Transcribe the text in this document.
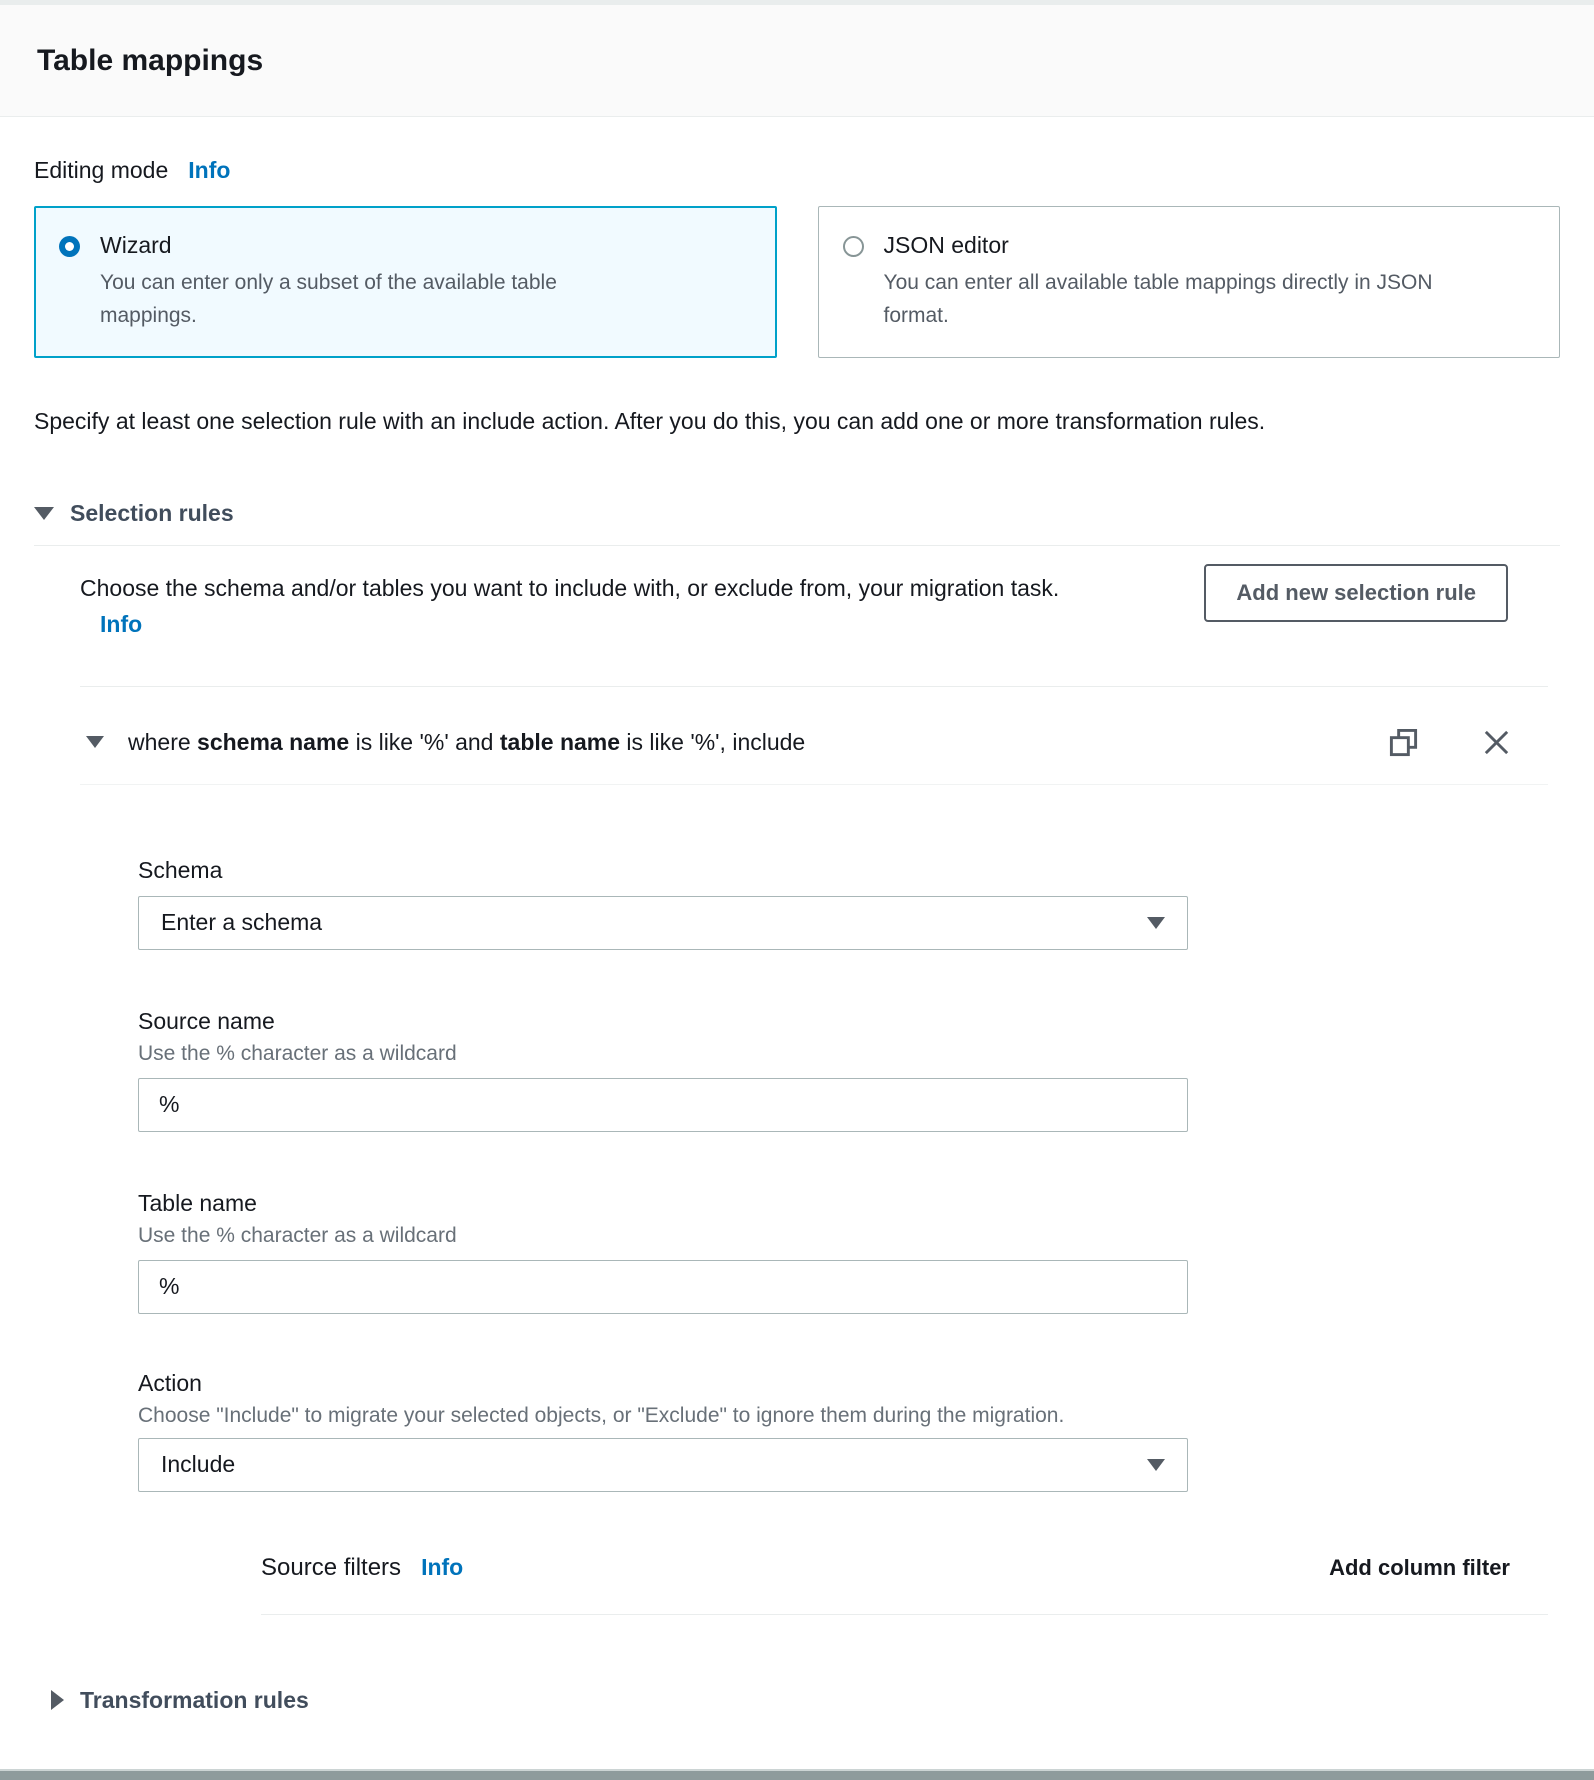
Table mappings
Editing mode Info
Wizard
You can enter only a subset of the available table mappings.
JSON editor
You can enter all available table mappings directly in JSON format.

Specify at least one selection rule with an include action. After you do this, you can add one or more transformation rules.

Selection rules
Choose the schema and/or tables you want to include with, or exclude from, your migration task. Info
Add new selection rule
where schema name is like '%' and table name is like '%', include
Schema
Enter a schema
Source name
Use the % character as a wildcard
%
Table name
Use the % character as a wildcard
%
Action
Choose "Include" to migrate your selected objects, or "Exclude" to ignore them during the migration.
Include
Source filters Info	Add column filter
Transformation rules
